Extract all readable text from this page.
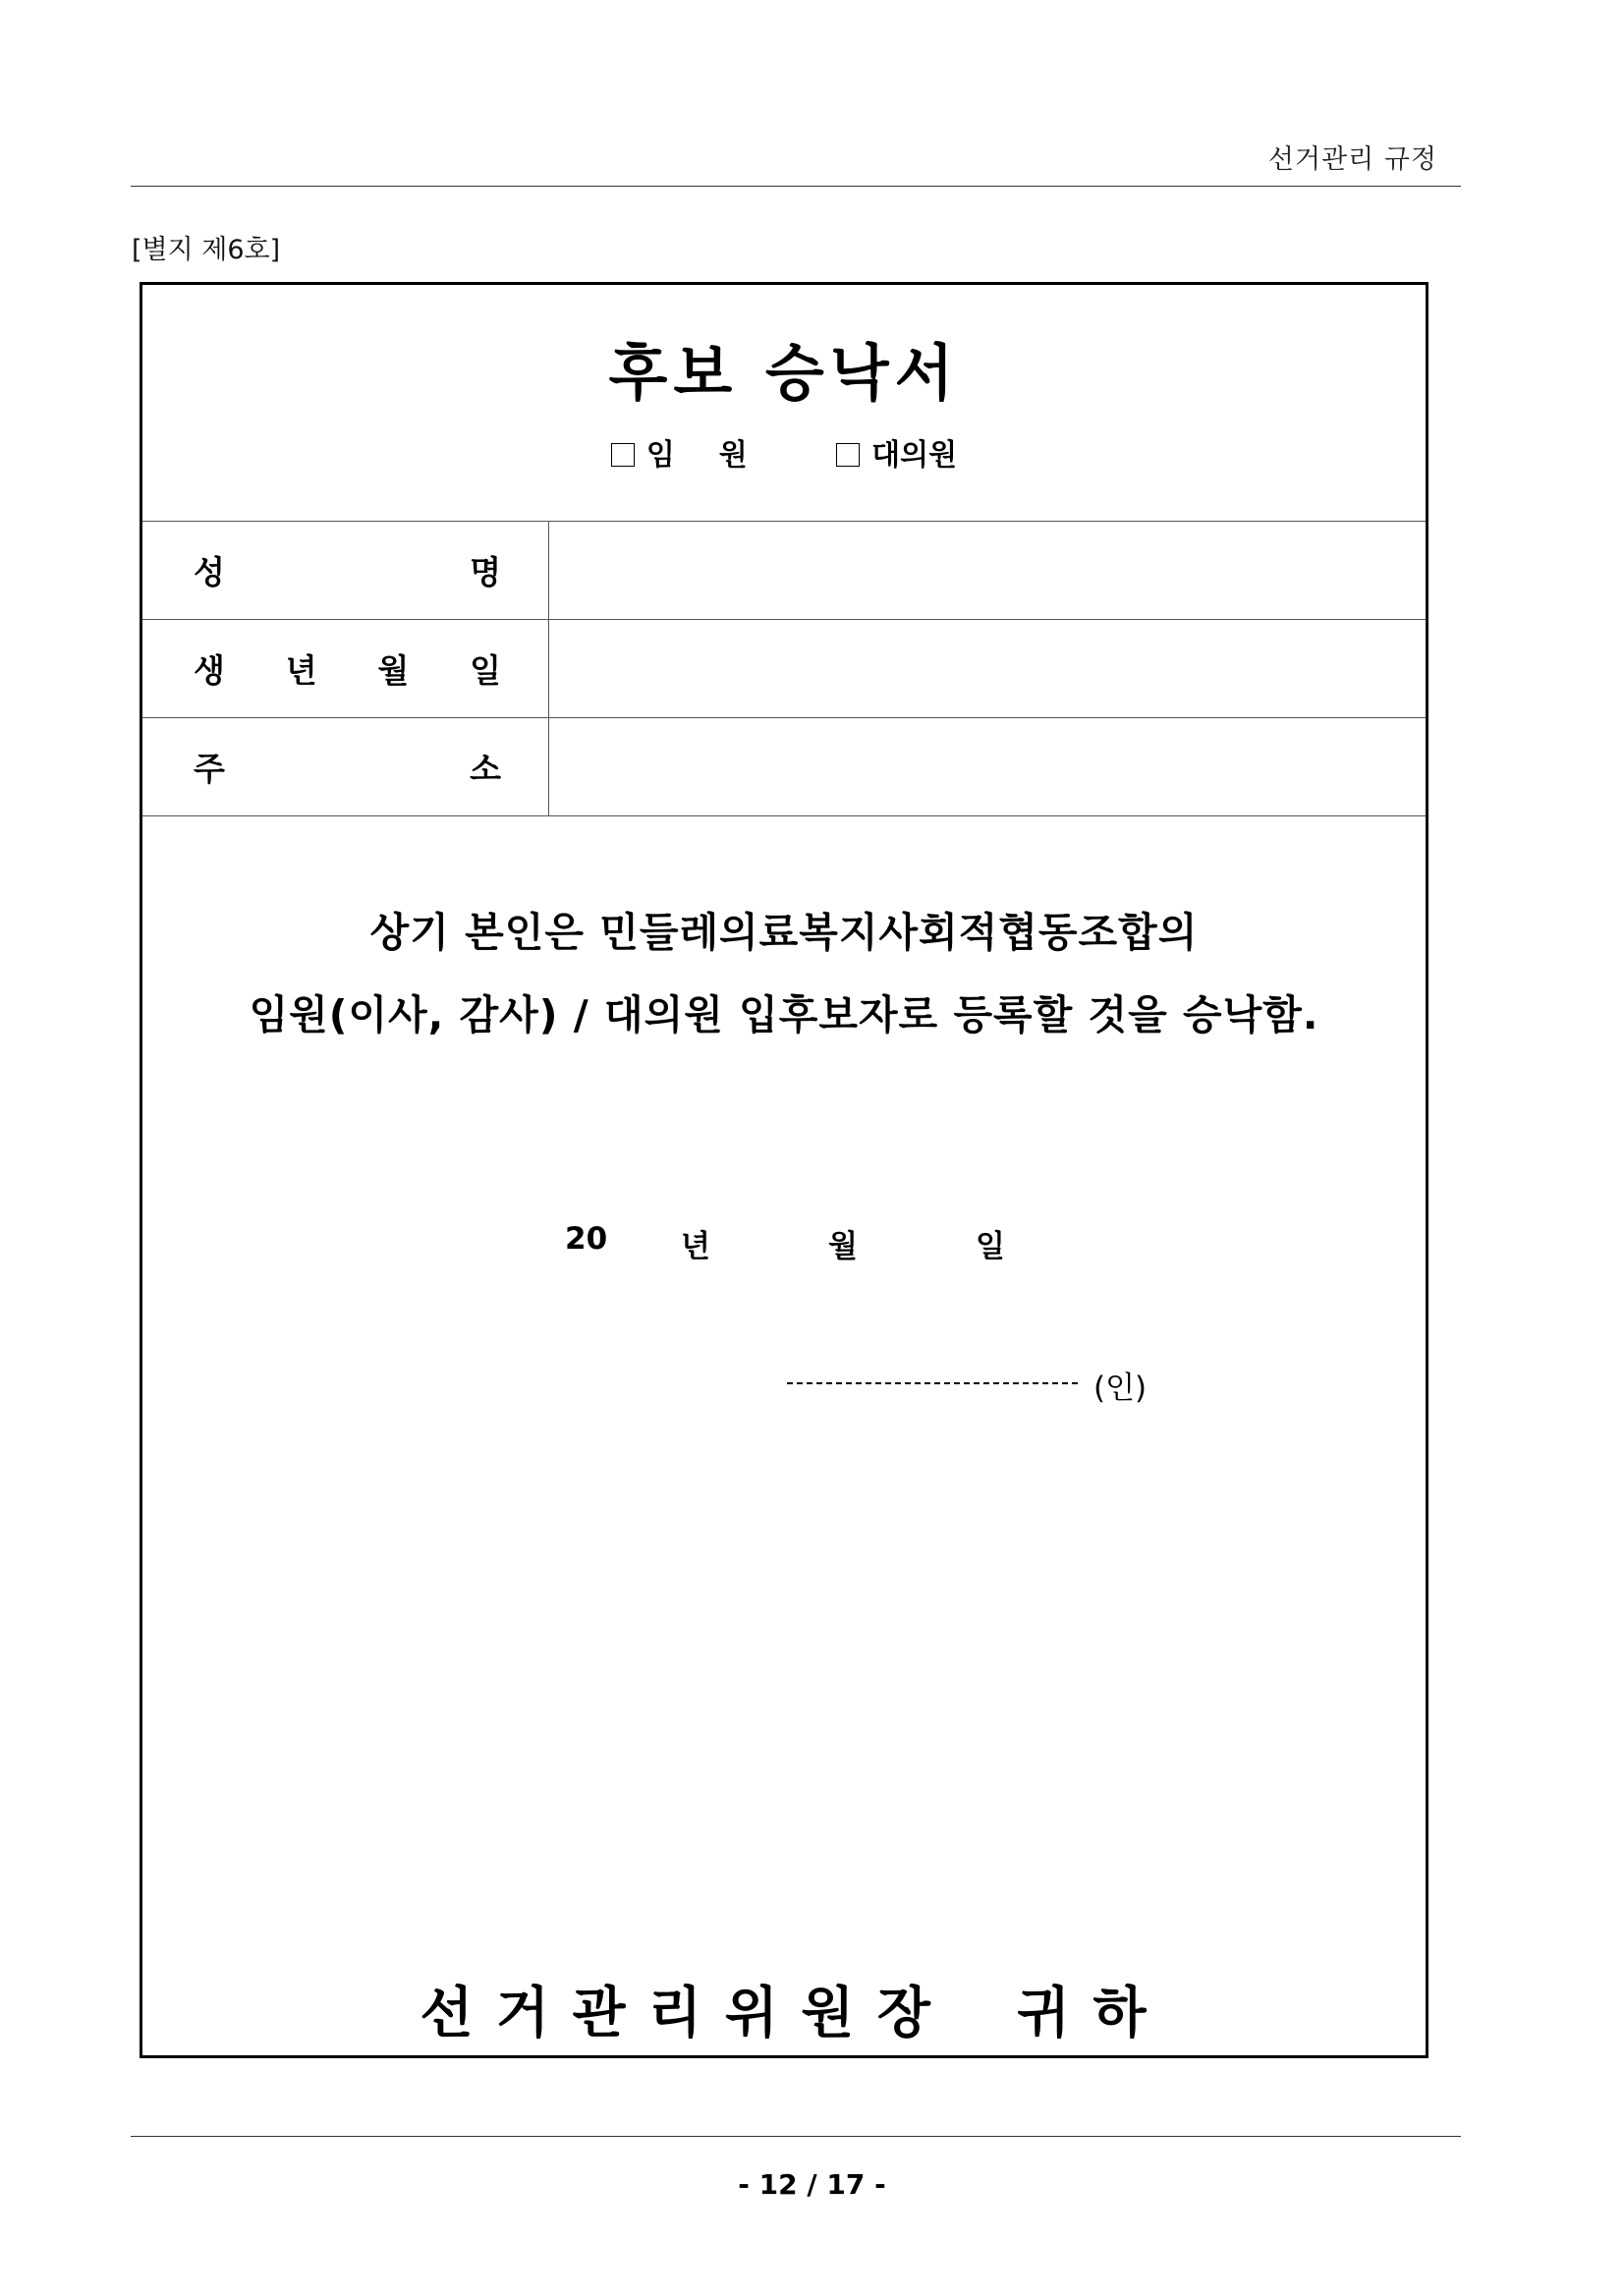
선거관리 규정
[별지 제6호]
후보 승낙서
임  원	대의원
성	명
생 년 월 일
주	소
상기 본인은 민들레의료복지사회적협동조합의
임원(이사, 감사) / 대의원 입후보자로 등록할 것을 승낙함.
20 년	월	일
(인)
선 거 관 리 위 원 장    귀 하
- 12 / 17 -
